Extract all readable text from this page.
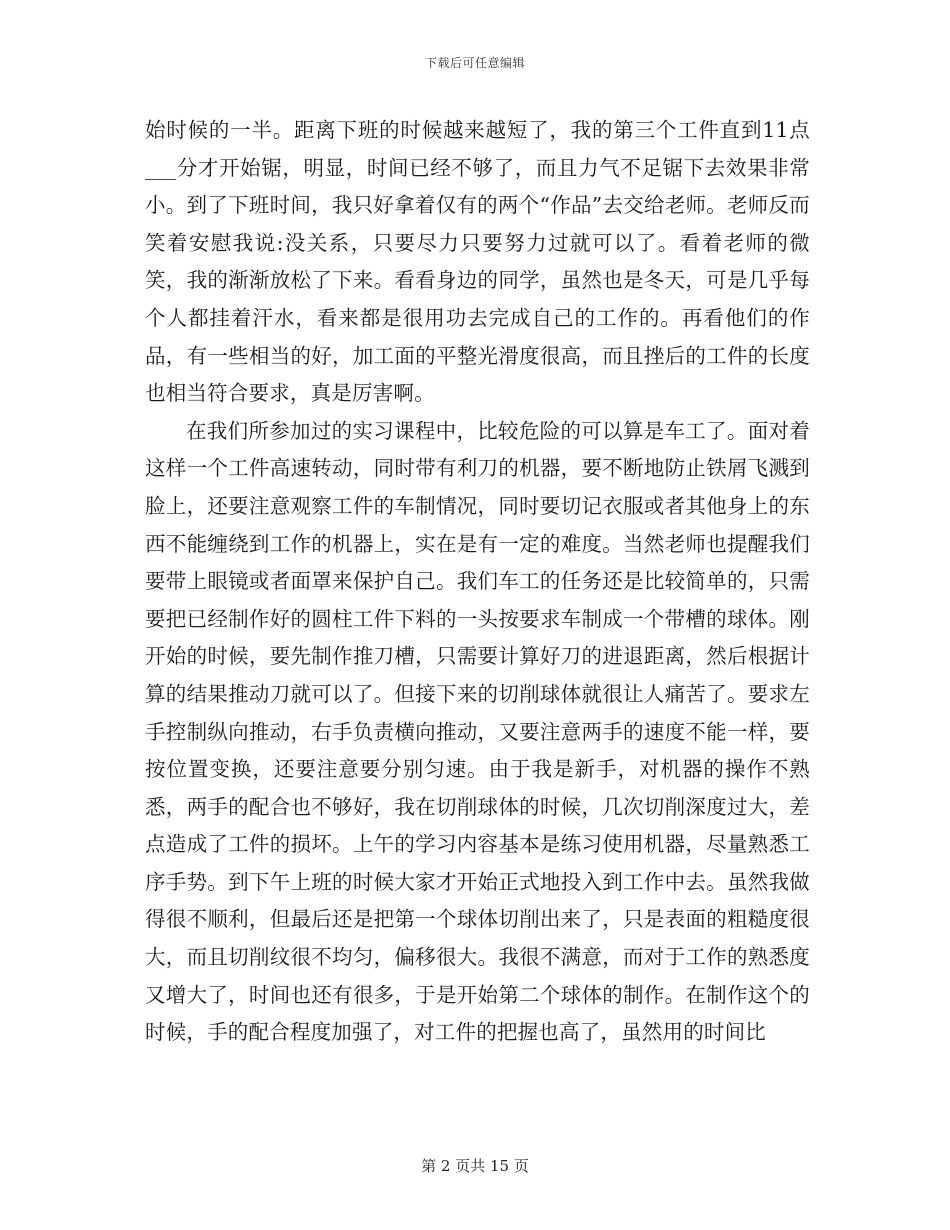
下载后可任意编辑

始时候的一半。距离下班的时候越来越短了，我的第三个工件直到11点___分才开始锯，明显，时间已经不够了，而且力气不足锯下去效果非常小。到了下班时间，我只好拿着仅有的两个“作品”去交给老师。老师反而笑着安慰我说:没关系，只要尽力只要努力过就可以了。看着老师的微笑，我的渐渐放松了下来。看看身边的同学，虽然也是冬天，可是几乎每个人都挂着汗水，看来都是很用功去完成自己的工作的。再看他们的作品，有一些相当的好，加工面的平整光滑度很高，而且挫后的工件的长度也相当符合要求，真是厉害啊。

在我们所参加过的实习课程中，比较危险的可以算是车工了。面对着这样一个工件高速转动，同时带有利刀的机器，要不断地防止铁屑飞溅到脸上，还要注意观察工件的车制情况，同时要切记衣服或者其他身上的东西不能缠绕到工作的机器上，实在是有一定的难度。当然老师也提醒我们要带上眼镜或者面罩来保护自己。我们车工的任务还是比较简单的，只需要把已经制作好的圆柱工件下料的一头按要求车制成一个带槽的球体。刚开始的时候，要先制作推刀槽，只需要计算好刀的进退距离，然后根据计算的结果推动刀就可以了。但接下来的切削球体就很让人痛苦了。要求左手控制纵向推动，右手负责横向推动，又要注意两手的速度不能一样，要按位置变换，还要注意要分别匀速。由于我是新手，对机器的操作不熟悉，两手的配合也不够好，我在切削球体的时候，几次切削深度过大，差点造成了工件的损坏。上午的学习内容基本是练习使用机器，尽量熟悉工序手势。到下午上班的时候大家才开始正式地投入到工作中去。虽然我做得很不顺利，但最后还是把第一个球体切削出来了，只是表面的粗糙度很大，而且切削纹很不均匀，偏移很大。我很不满意，而对于工作的熟悉度又增大了，时间也还有很多，于是开始第二个球体的制作。在制作这个的时候，手的配合程度加强了，对工件的把握也高了，虽然用的时间比

第 2 页共 15 页
